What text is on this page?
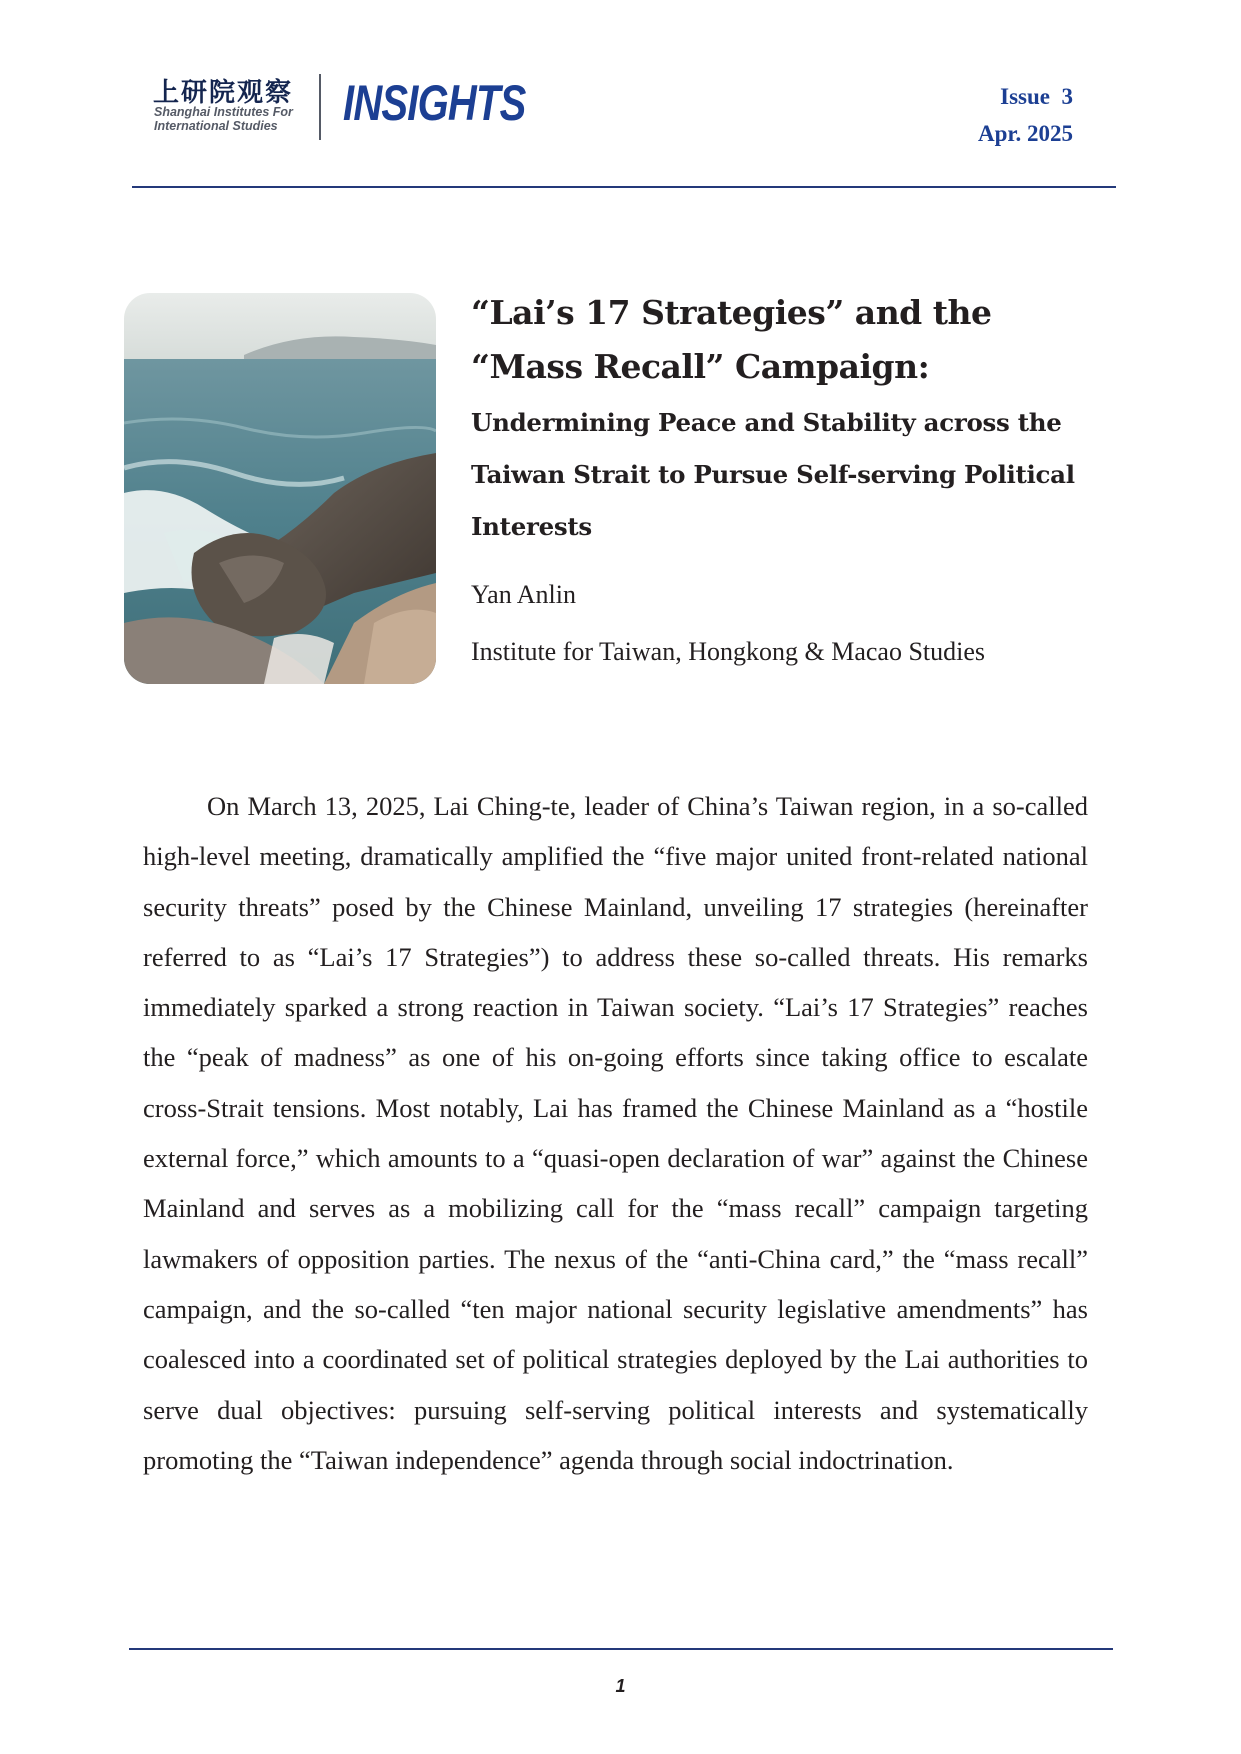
上研院观察
Shanghai Institutes For
International Studies	INSIGHTS	Issue  3
Apr. 2025
“Lai’s 17 Strategies” and the “Mass Recall” Campaign:
Undermining Peace and Stability across the Taiwan Strait to Pursue Self-serving Political Interests
Yan Anlin
Institute for Taiwan, Hongkong & Macao Studies

On March 13, 2025, Lai Ching-te, leader of China’s Taiwan region, in a so-called high-level meeting, dramatically amplified the “five major united front-related national security threats” posed by the Chinese Mainland, unveiling 17 strategies (hereinafter referred to as “Lai’s 17 Strategies”) to address these so-called threats. His remarks immediately sparked a strong reaction in Taiwan society. “Lai’s 17 Strategies” reaches the “peak of madness” as one of his on-going efforts since taking office to escalate cross-Strait tensions. Most notably, Lai has framed the Chinese Mainland as a “hostile external force,” which amounts to a “quasi-open declaration of war” against the Chinese Mainland and serves as a mobilizing call for the “mass recall” campaign targeting lawmakers of opposition parties. The nexus of the “anti-China card,” the “mass recall” campaign, and the so-called “ten major national security legislative amendments” has coalesced into a coordinated set of political strategies deployed by the Lai authorities to serve dual objectives: pursuing self-serving political interests and systematically promoting the “Taiwan independence” agenda through social indoctrination.

1
